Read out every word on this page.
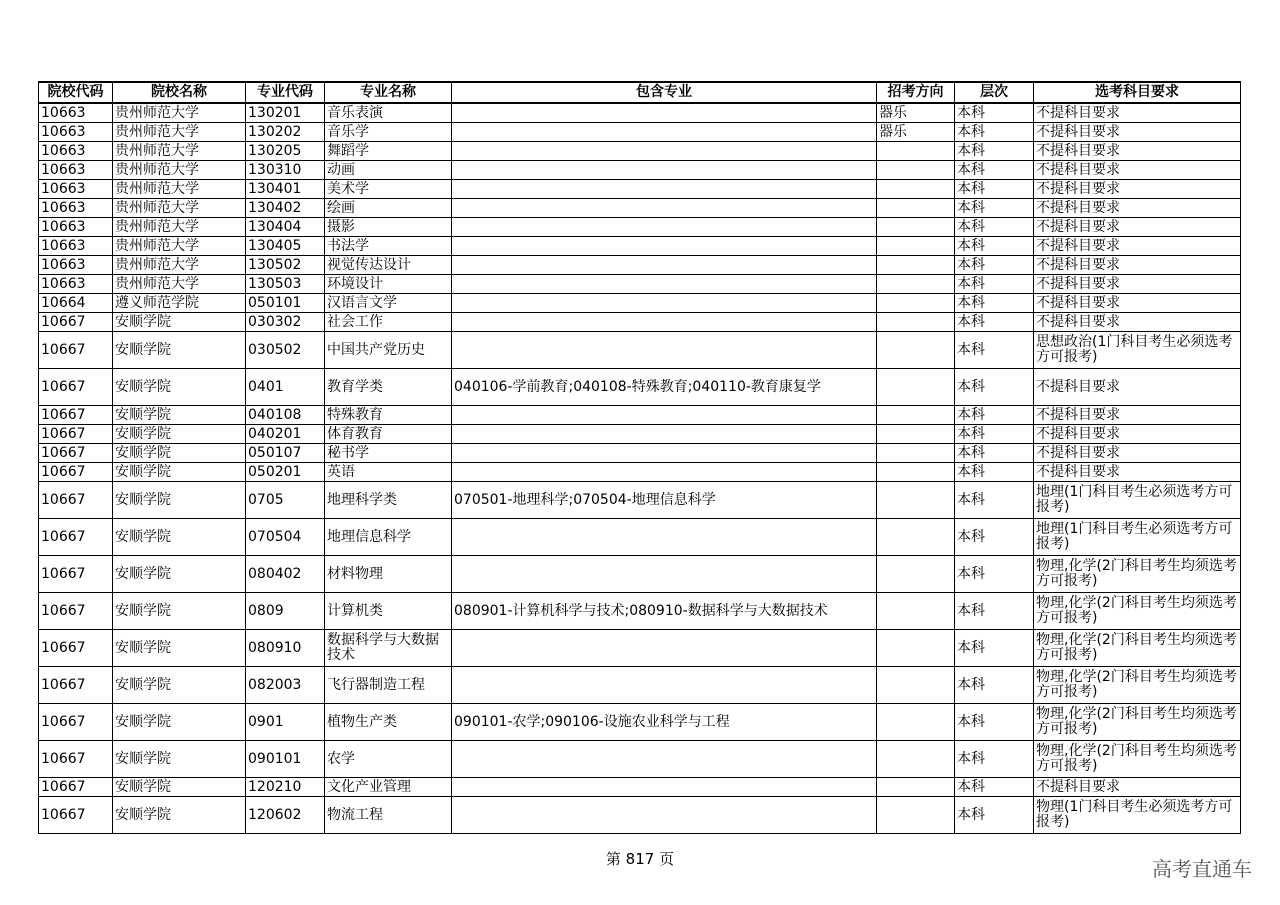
院校代码	院校名称	专业代码	专业名称	包含专业	招考方向	层次	选考科目要求
10663	贵州师范大学	130201	音乐表演		器乐	本科	不提科目要求
10663	贵州师范大学	130202	音乐学		器乐	本科	不提科目要求
10663	贵州师范大学	130205	舞蹈学			本科	不提科目要求
10663	贵州师范大学	130310	动画			本科	不提科目要求
10663	贵州师范大学	130401	美术学			本科	不提科目要求
10663	贵州师范大学	130402	绘画			本科	不提科目要求
10663	贵州师范大学	130404	摄影			本科	不提科目要求
10663	贵州师范大学	130405	书法学			本科	不提科目要求
10663	贵州师范大学	130502	视觉传达设计			本科	不提科目要求
10663	贵州师范大学	130503	环境设计			本科	不提科目要求
10664	遵义师范学院	050101	汉语言文学			本科	不提科目要求
10667	安顺学院	030302	社会工作			本科	不提科目要求
10667	安顺学院	030502	中国共产党历史			本科	思想政治(1门科目考生必须选考方可报考)
10667	安顺学院	0401	教育学类	040106-学前教育;040108-特殊教育;040110-教育康复学		本科	不提科目要求
10667	安顺学院	040108	特殊教育			本科	不提科目要求
10667	安顺学院	040201	体育教育			本科	不提科目要求
10667	安顺学院	050107	秘书学			本科	不提科目要求
10667	安顺学院	050201	英语			本科	不提科目要求
10667	安顺学院	0705	地理科学类	070501-地理科学;070504-地理信息科学		本科	地理(1门科目考生必须选考方可报考)
10667	安顺学院	070504	地理信息科学			本科	地理(1门科目考生必须选考方可报考)
10667	安顺学院	080402	材料物理			本科	物理,化学(2门科目考生均须选考方可报考)
10667	安顺学院	0809	计算机类	080901-计算机科学与技术;080910-数据科学与大数据技术		本科	物理,化学(2门科目考生均须选考方可报考)
10667	安顺学院	080910	数据科学与大数据技术			本科	物理,化学(2门科目考生均须选考方可报考)
10667	安顺学院	082003	飞行器制造工程			本科	物理,化学(2门科目考生均须选考方可报考)
10667	安顺学院	0901	植物生产类	090101-农学;090106-设施农业科学与工程		本科	物理,化学(2门科目考生均须选考方可报考)
10667	安顺学院	090101	农学			本科	物理,化学(2门科目考生均须选考方可报考)
10667	安顺学院	120210	文化产业管理			本科	不提科目要求
10667	安顺学院	120602	物流工程			本科	物理(1门科目考生必须选考方可报考)
第 817 页	高考直通车
